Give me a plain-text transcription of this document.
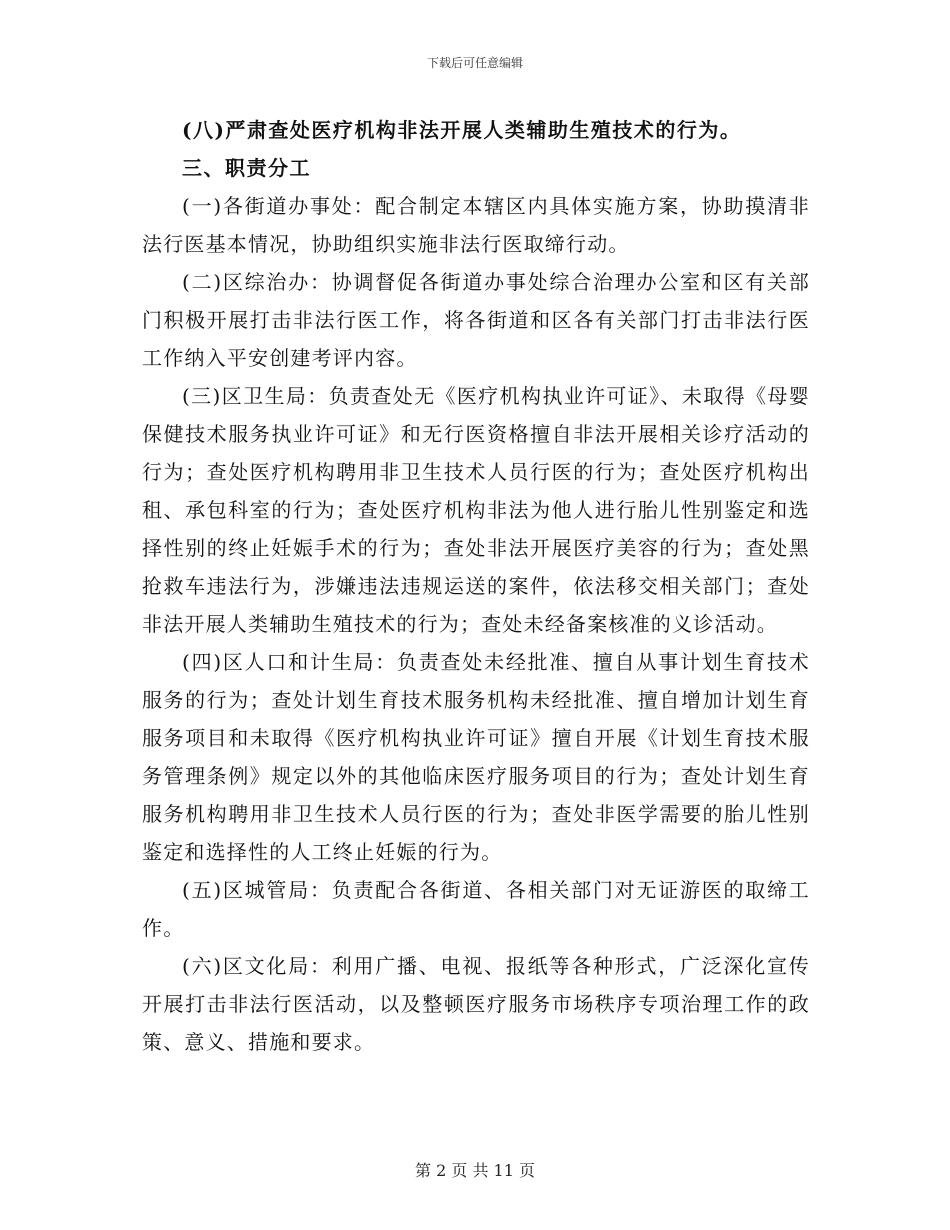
下载后可任意编辑

(八)严肃查处医疗机构非法开展人类辅助生殖技术的行为。

三、职责分工

(一)各街道办事处：配合制定本辖区内具体实施方案，协助摸清非法行医基本情况，协助组织实施非法行医取缔行动。

(二)区综治办：协调督促各街道办事处综合治理办公室和区有关部门积极开展打击非法行医工作，将各街道和区各有关部门打击非法行医工作纳入平安创建考评内容。

(三)区卫生局：负责查处无《医疗机构执业许可证》、未取得《母婴保健技术服务执业许可证》和无行医资格擅自非法开展相关诊疗活动的行为；查处医疗机构聘用非卫生技术人员行医的行为；查处医疗机构出租、承包科室的行为；查处医疗机构非法为他人进行胎儿性别鉴定和选择性别的终止妊娠手术的行为；查处非法开展医疗美容的行为；查处黑抢救车违法行为，涉嫌违法违规运送的案件，依法移交相关部门；查处非法开展人类辅助生殖技术的行为；查处未经备案核准的义诊活动。

(四)区人口和计生局：负责查处未经批准、擅自从事计划生育技术服务的行为；查处计划生育技术服务机构未经批准、擅自增加计划生育服务项目和未取得《医疗机构执业许可证》擅自开展《计划生育技术服务管理条例》规定以外的其他临床医疗服务项目的行为；查处计划生育服务机构聘用非卫生技术人员行医的行为；查处非医学需要的胎儿性别鉴定和选择性的人工终止妊娠的行为。

(五)区城管局：负责配合各街道、各相关部门对无证游医的取缔工作。

(六)区文化局：利用广播、电视、报纸等各种形式，广泛深化宣传开展打击非法行医活动，以及整顿医疗服务市场秩序专项治理工作的政策、意义、措施和要求。

第 2 页 共 11 页
